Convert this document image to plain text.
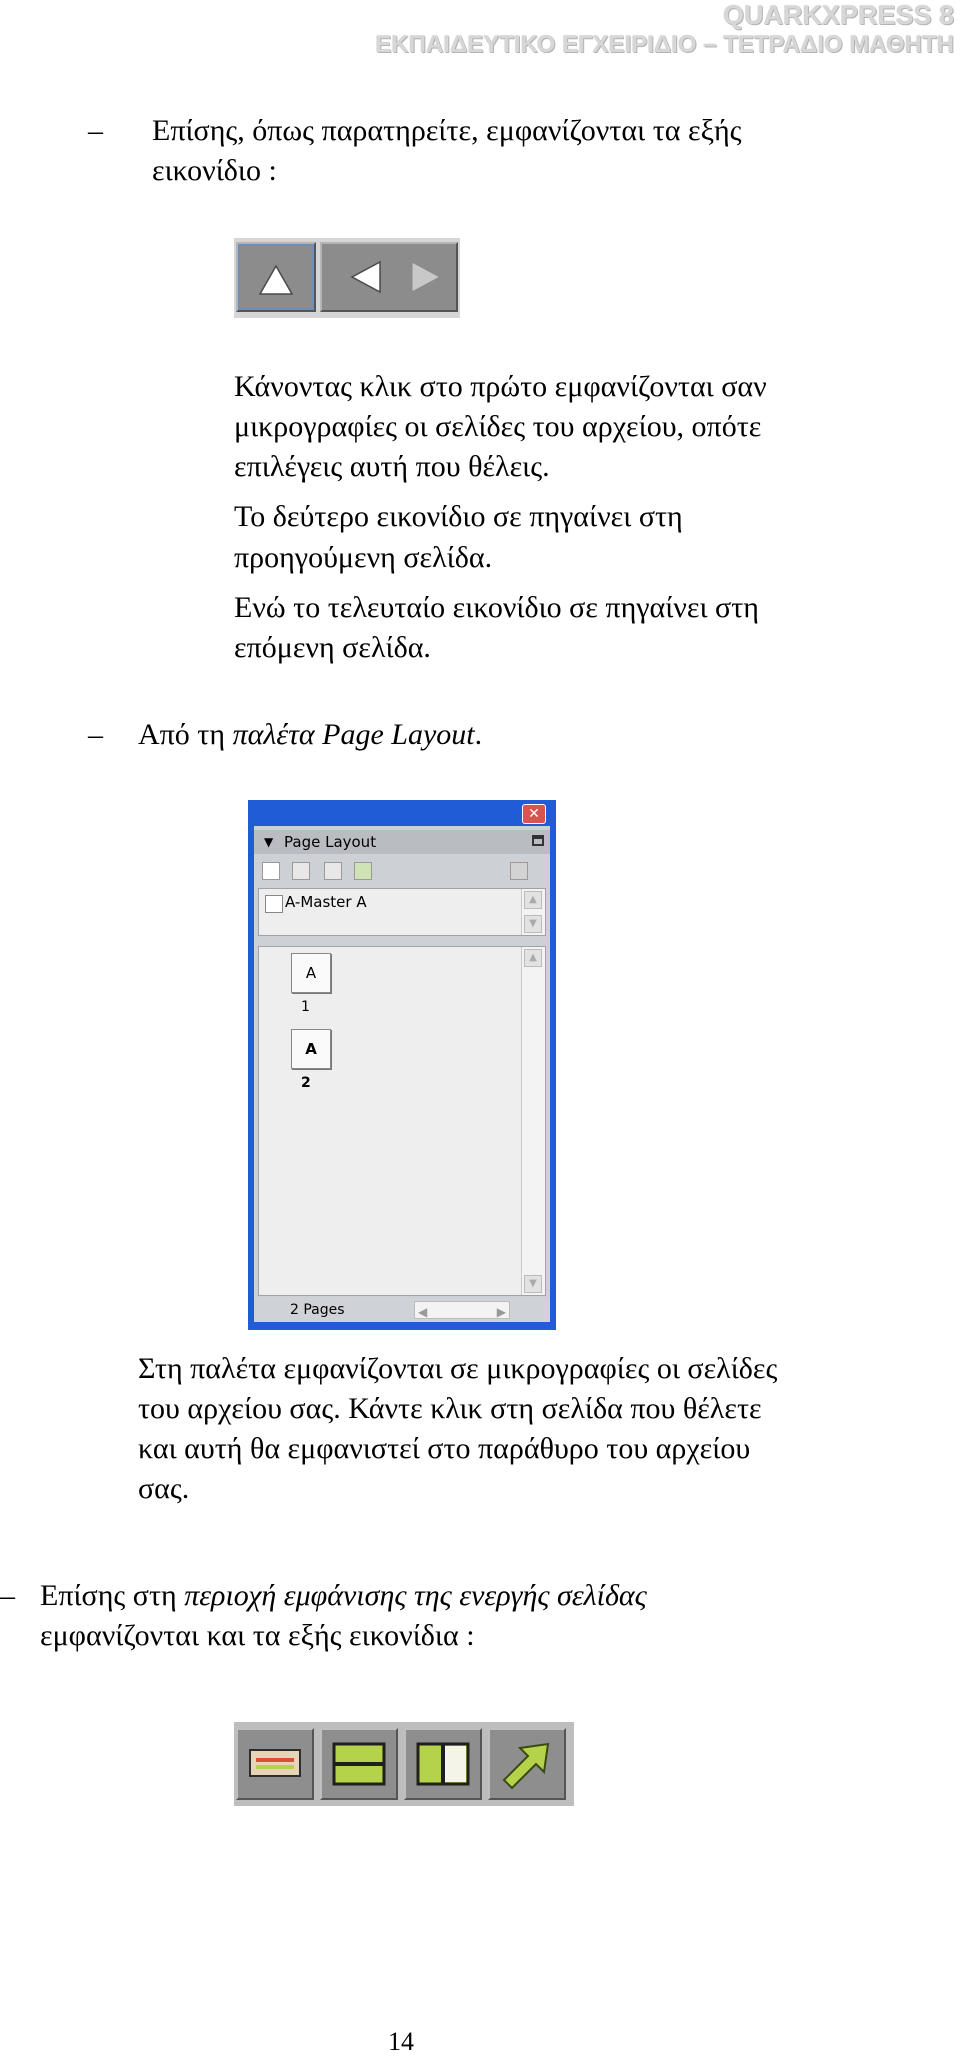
QUARKXPRESS 8
ΕΚΠΑΙΔΕΥΤΙΚΟ ΕΓΧΕΙΡΙΔΙΟ – ΤΕΤΡΑΔΙΟ ΜΑΘΗΤΗ
– Επίσης, όπως παρατηρείτε, εμφανίζονται τα εξής
εικονίδιο :
Κάνοντας κλικ στο πρώτο εμφανίζονται σαν
μικρογραφίες οι σελίδες του αρχείου, οπότε
επιλέγεις αυτή που θέλεις.
Το δεύτερο εικονίδιο σε πηγαίνει στη
προηγούμενη σελίδα.
Ενώ το τελευταίο εικονίδιο σε πηγαίνει στη
επόμενη σελίδα.
– Από τη παλέτα Page Layout.
✕
▼ Page Layout
A-Master A	▲
▼
A
1
A
2
▲
▼
2 Pages	◀	▶
Στη παλέτα εμφανίζονται σε μικρογραφίες οι σελίδες
του αρχείου σας. Κάντε κλικ στη σελίδα που θέλετε
και αυτή θα εμφανιστεί στο παράθυρο του αρχείου
σας.
– Επίσης στη περιοχή εμφάνισης της ενεργής σελίδας
εμφανίζονται και τα εξής εικονίδια :
14
